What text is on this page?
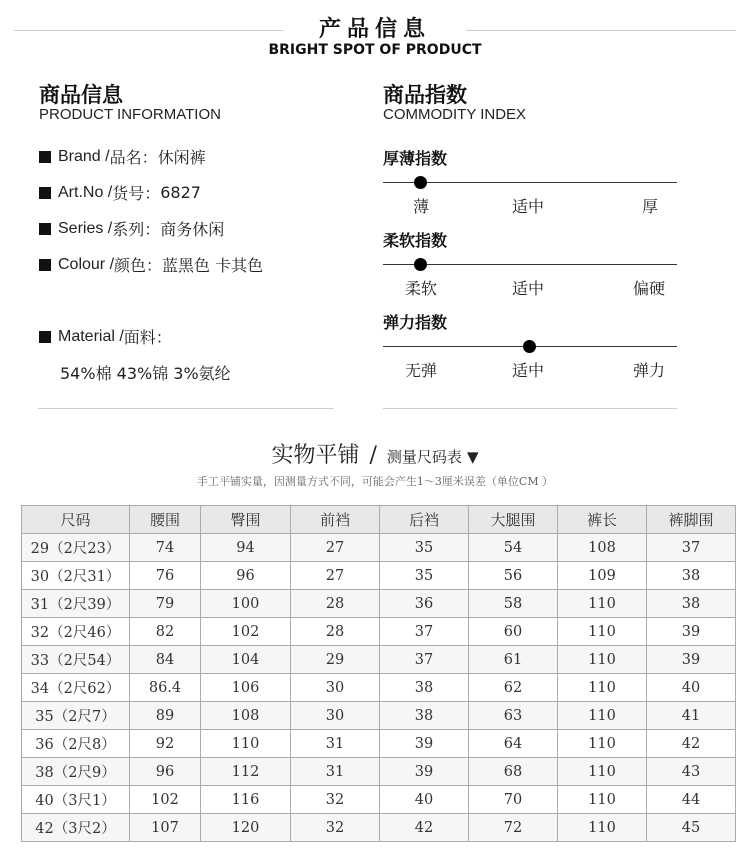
产品信息
BRIGHT SPOT OF PRODUCT
商品信息
PRODUCT INFORMATION
Brand / 品名： 休闲裤
Art.No / 货号： 6827
Series / 系列： 商务休闲
Colour / 颜色： 蓝黑色 卡其色
Material / 面料：
54%棉 43%锦 3%氨纶
商品指数
COMMODITY INDEX
厚薄指数
薄	适中	厚
柔软指数
柔软	适中	偏硬
弹力指数
无弹	适中	弹力
实物平铺 / 测量尺码表 ▼
手工平铺实量，因测量方式不同，可能会产生1～3厘米误差（单位CM ）
尺码	腰围	臀围	前裆	后裆	大腿围	裤长	裤脚围
29（2尺23）	74	94	27	35	54	108	37
30（2尺31）	76	96	27	35	56	109	38
31（2尺39）	79	100	28	36	58	110	38
32（2尺46）	82	102	28	37	60	110	39
33（2尺54）	84	104	29	37	61	110	39
34（2尺62）	86.4	106	30	38	62	110	40
35（2尺7）	89	108	30	38	63	110	41
36（2尺8）	92	110	31	39	64	110	42
38（2尺9）	96	112	31	39	68	110	43
40（3尺1）	102	116	32	40	70	110	44
42（3尺2）	107	120	32	42	72	110	45
